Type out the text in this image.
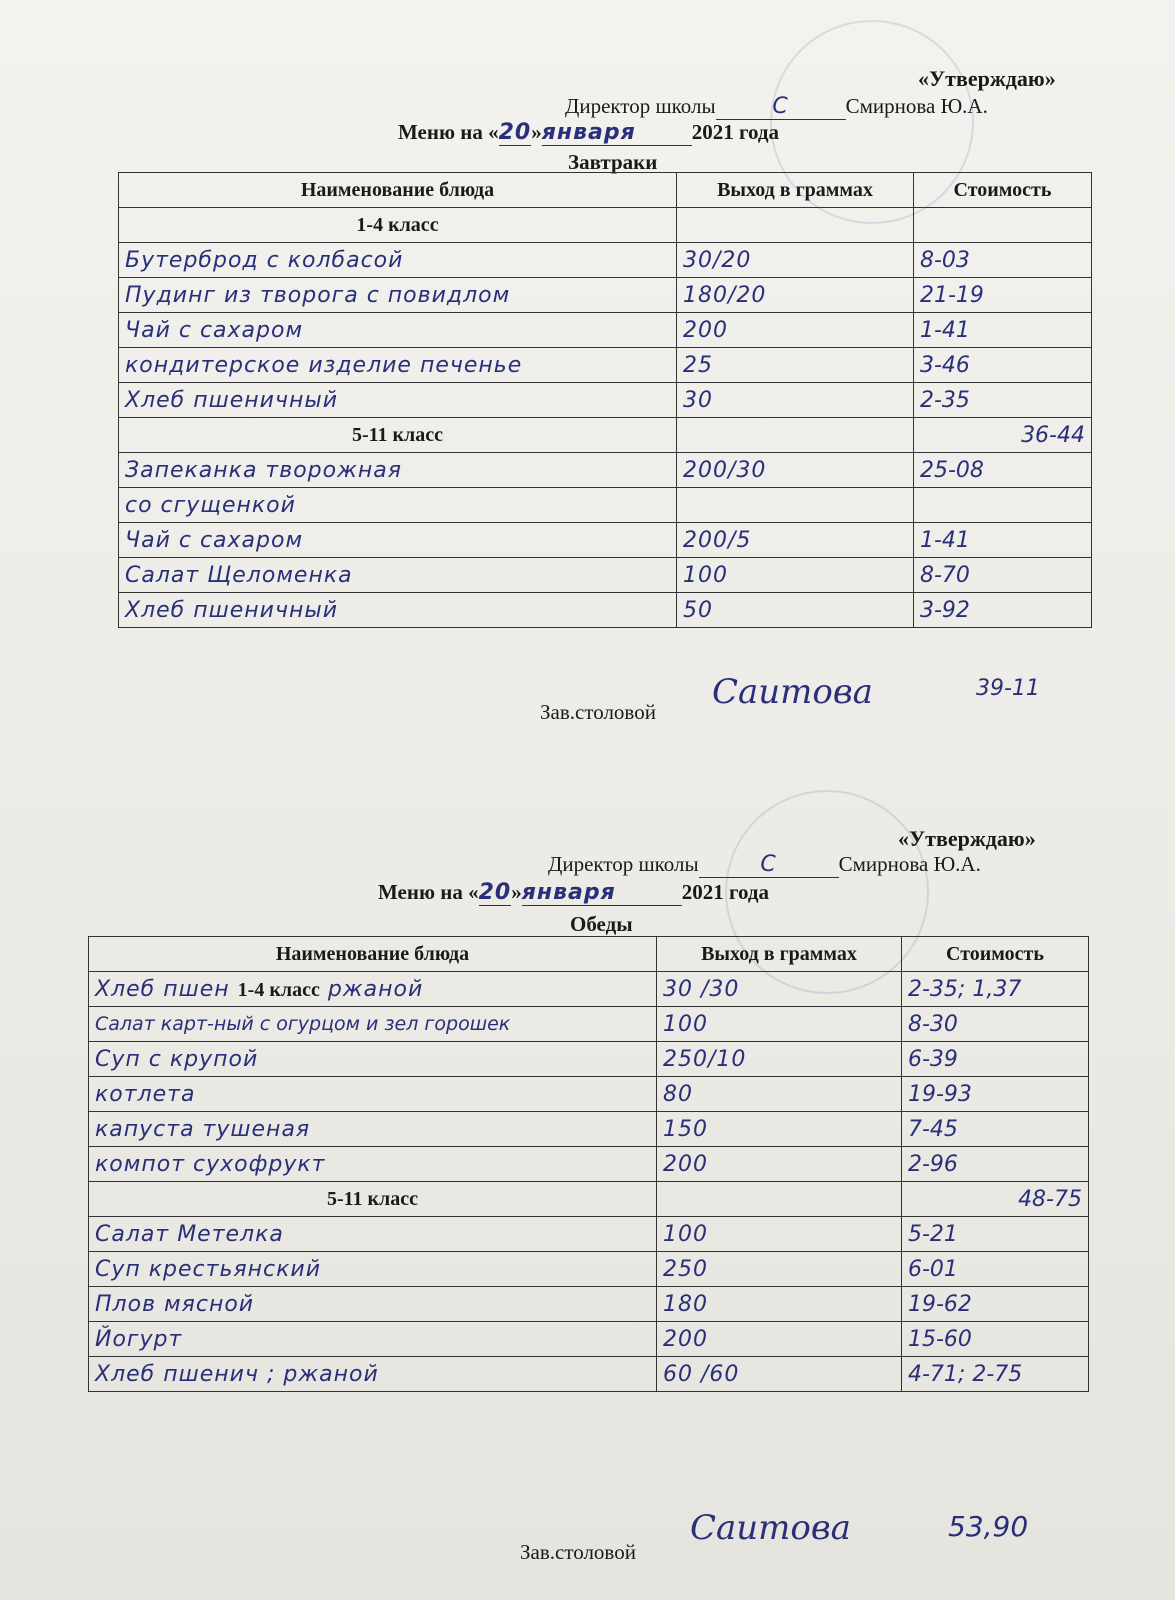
«Утверждаю»
Директор школы	С	Смирнова Ю.А.
Меню на «20»января	2021 года
Завтраки
Наименование блюда	Выход в граммах	Стоимость
1-4 класс		
Бутерброд с колбасой	30/20	8-03
Пудинг из творога с повидлом	180/20	21-19
Чай с сахаром	200	1-41
кондитерское изделие печенье	25	3-46
Хлеб пшеничный	30	2-35
5-11 класс		36-44
Запеканка творожная	200/30	25-08
со сгущенкой		
Чай с сахаром	200/5	1-41
Салат Щеломенка	100	8-70
Хлеб пшеничный	50	3-92
39-11
Зав.столовой Саитова
«Утверждаю»
Директор школы	С	Смирнова Ю.А.
Меню на «20»января	2021 года
Обеды
Наименование блюда	Выход в граммах	Стоимость
Хлеб пшен 1-4 класс ржаной	30 /30	2-35; 1,37
Салат карт-ный с огурцом и зел горошек	100	8-30
Суп с крупой	250/10	6-39
котлета	80	19-93
капуста тушеная	150	7-45
компот сухофрукт	200	2-96
5-11 класс		48-75
Салат Метелка	100	5-21
Суп крестьянский	250	6-01
Плов мясной	180	19-62
Йогурт	200	15-60
Хлеб пшенич ; ржаной	60 /60	4-71; 2-75
Зав.столовой
Саитова	53,90
